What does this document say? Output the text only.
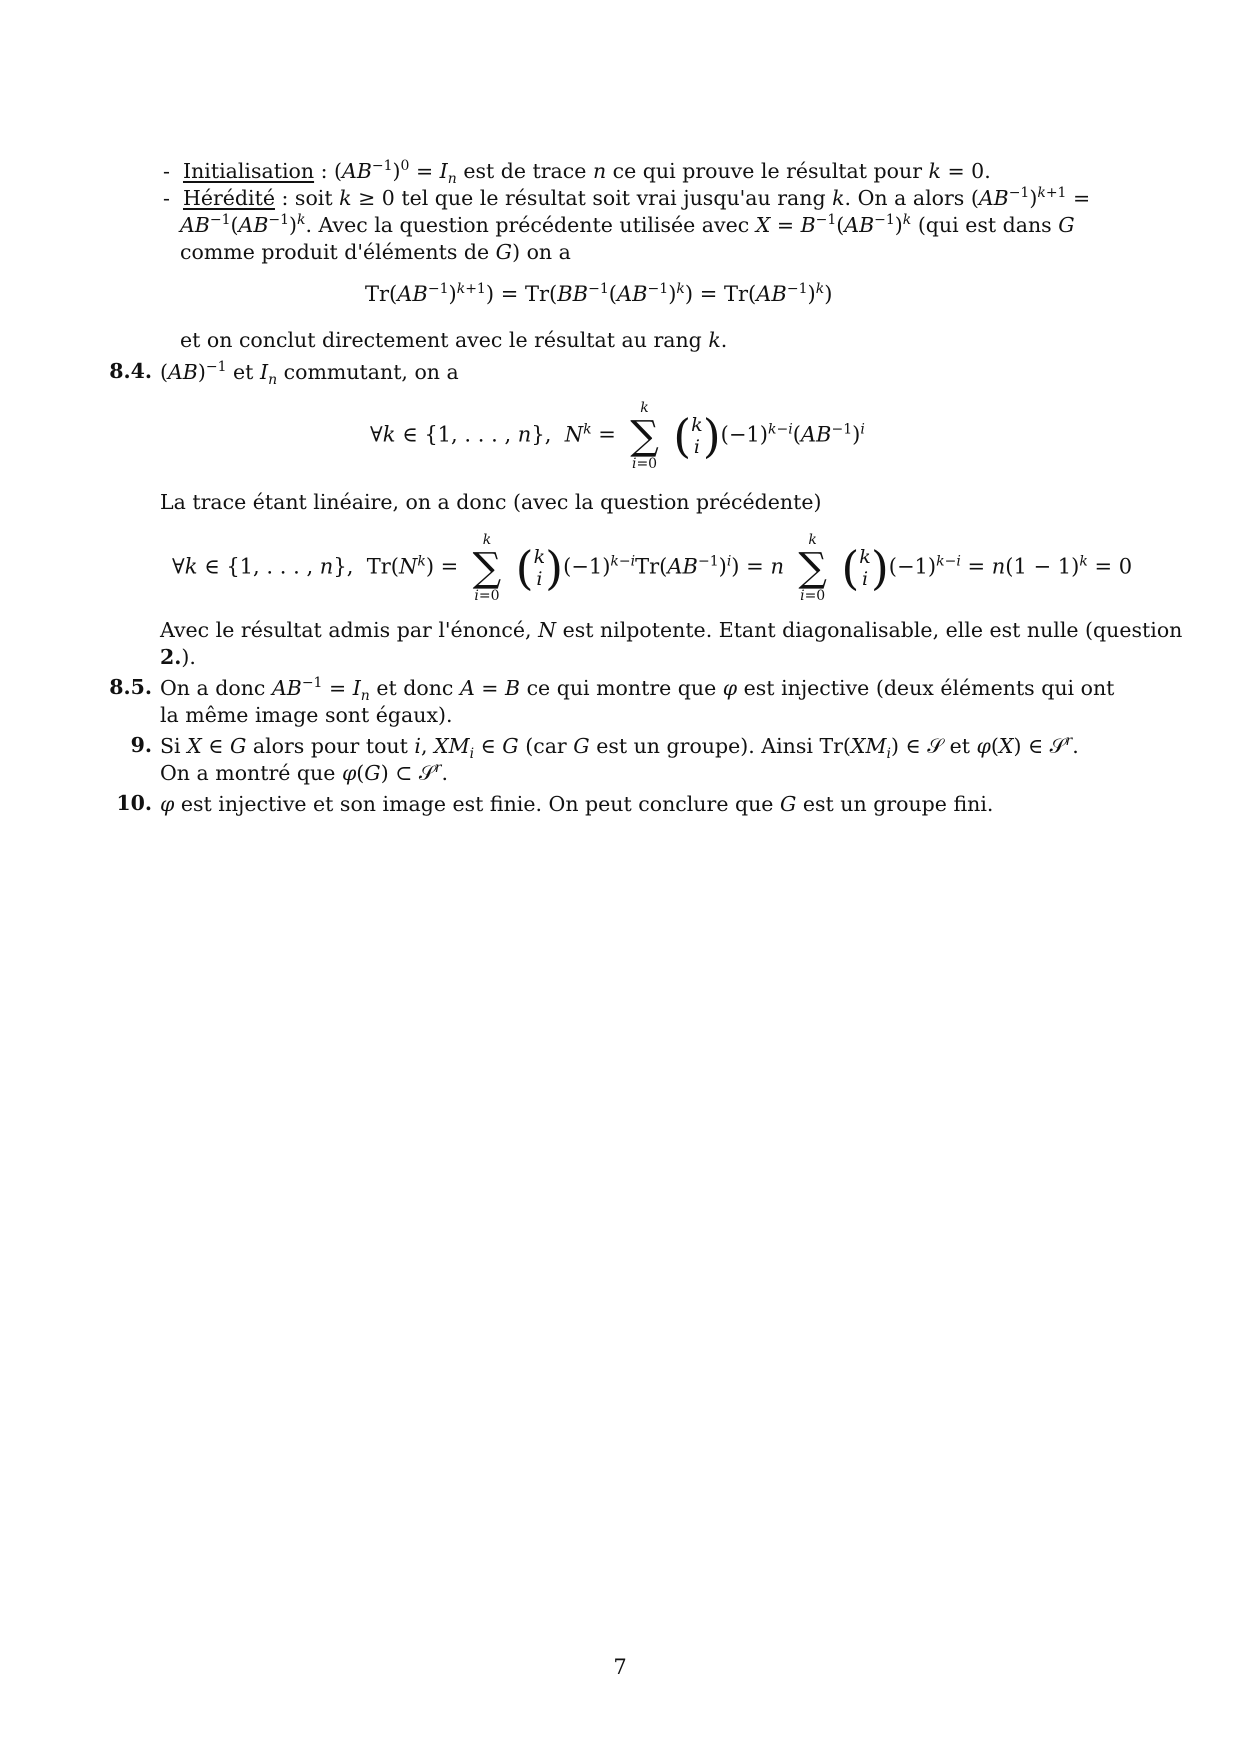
- Initialisation : $(AB^{-1})^0 = I_n$ est de trace n ce qui prouve le résultat pour k = 0.
- Hérédité : soit k ≥ 0 tel que le résultat soit vrai jusqu'au rang k. On a alors $(AB^{-1})^{k+1}$ =
$AB^{-1}(AB^{-1})^k$. Avec la question précédente utilisée avec $X = B^{-1}(AB^{-1})^k$ (qui est dans G
comme produit d'éléments de G) on a
$Tr(AB^{-1})^{k+1}) = Tr(BB^{-1}(AB^{-1})^k) = Tr(AB^{-1})^k$)
et on conclut directement avec le résultat au rang k.
8.4. (AB)$^{-1}$ et $I_n$ commutant, on a
∀k ∈ {1, . . . , n},  $N^k$ =
k
∑
i=0
(k
$i)(-1)^{k-i}(AB^{-1})^i$
La trace étant linéaire, on a donc (avec la question précédente)
∀k ∈ {1, . . . , n},  $Tr(N^k)$ =
k
∑
i=0
(k
$i)(-1)^{k-i}Tr(AB^{-1})^i) = n$
k
∑
i=0
(k
$i)(-1)^{k-i} = n(1 - 1)^k = 0$
Avec le résultat admis par l'énoncé, N est nilpotente. Etant diagonalisable, elle est nulle (question
2.).
8.5. On a donc $AB^{-1} = I_n$ et donc A = B ce qui montre que φ est injective (deux éléments qui ont
la même image sont égaux).
9. Si X ∈ G alors pour tout i, $XM_i$ ∈ G (car G est un groupe). Ainsi $Tr(XM_i)$ ∈ 𝒮 et φ(X) ∈ 𝒮$^r$.
On a montré que φ(G) ⊂ 𝒮$^r$.
10. φ est injective et son image est finie. On peut conclure que G est un groupe fini.
7
